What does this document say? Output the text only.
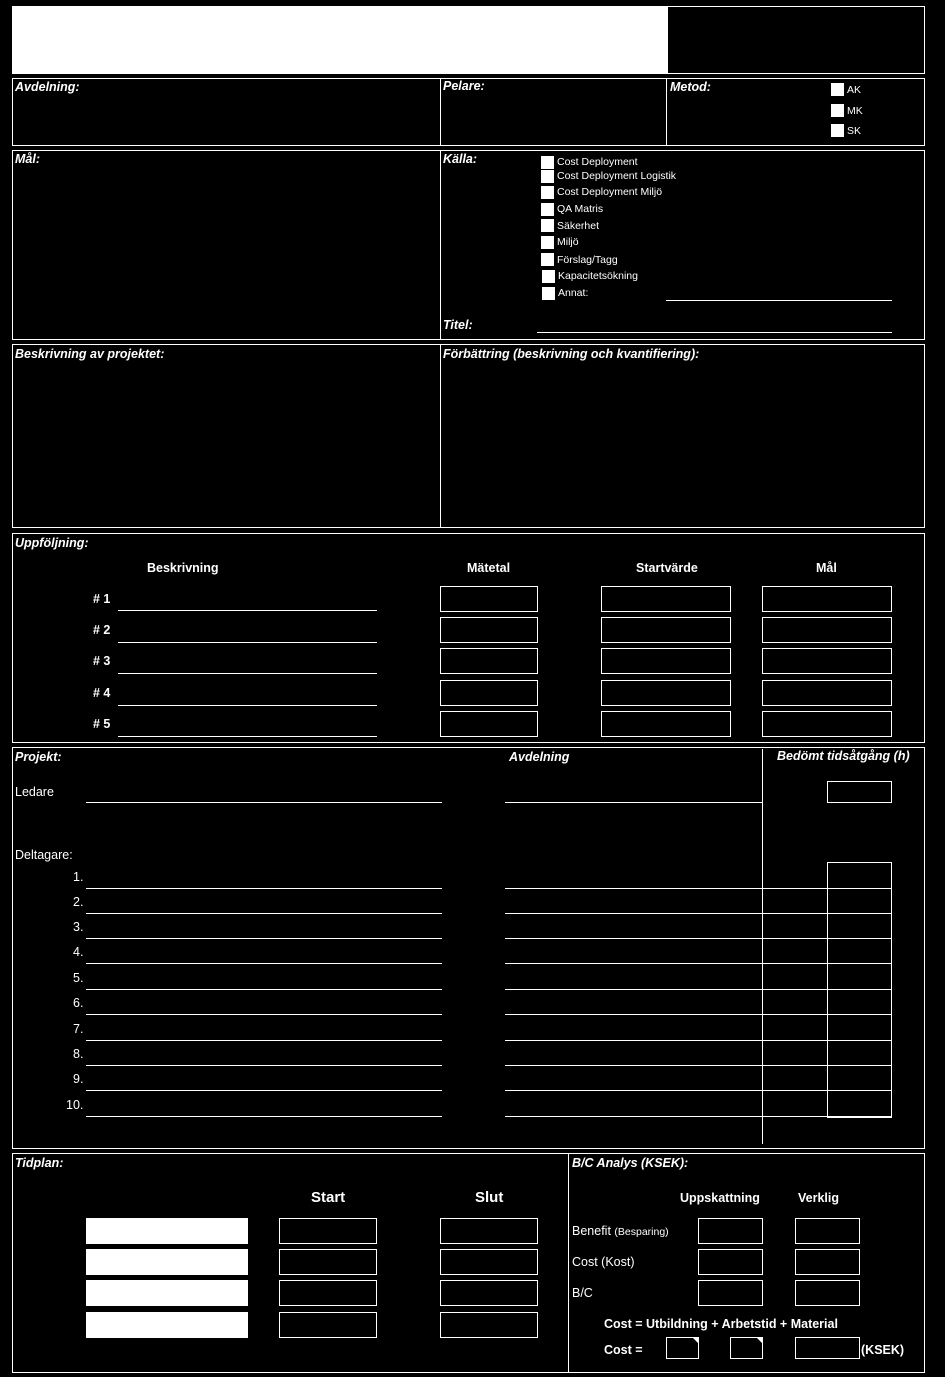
Avdelning:	Pelare:	Metod:	AK
MK
SK
Mål:	Källa:	Cost Deployment
Cost Deployment Logistik
Cost Deployment Miljö
QA Matris
Säkerhet
Miljö
Förslag/Tagg
Kapacitetsökning
Annat:
Titel:
Beskrivning av projektet:	Förbättring (beskrivning och kvantifiering):
Uppföljning:
Beskrivning	Mätetal	Startvärde	Mål
# 1
# 2
# 3
# 4
# 5
Projekt:	Avdelning	Bedömt tidsåtgång (h)
Ledare
Deltagare:
1.
2.
3.
4.
5.
6.
7.
8.
9.
10.
Tidplan:	B/C Analys (KSEK):
Start	Slut	Uppskattning	Verklig
Benefit (Besparing)
Cost (Kost)
B/C
Cost = Utbildning + Arbetstid + Material
Cost =	(KSEK)
